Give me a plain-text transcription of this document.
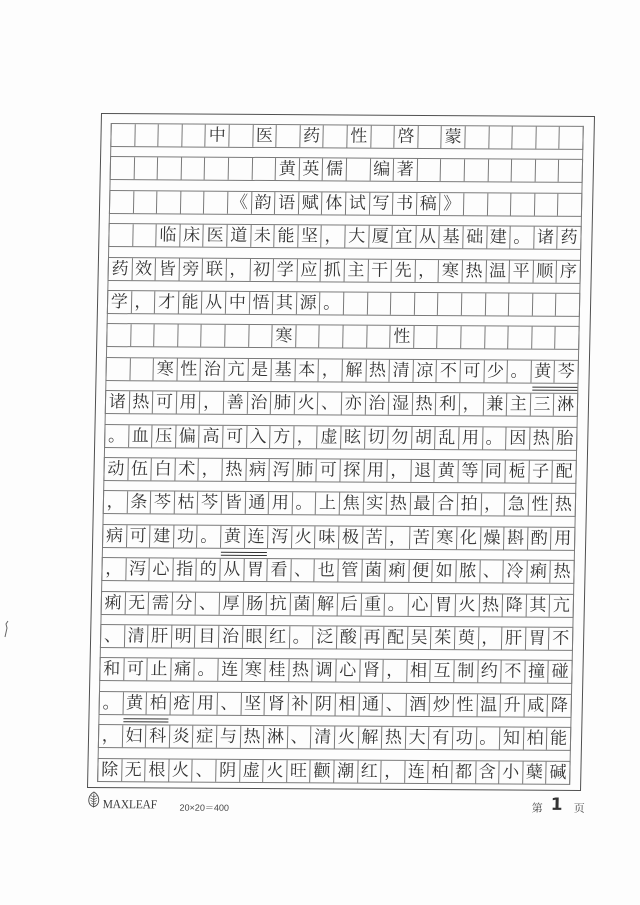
中 医 药 性 啓 蒙
黄 英 儒 编 著
《 韵 语 赋 体 试 写 书 稿 》
临 床 医 道 未 能 坚 ， 大 厦 宜 从 基 础 建 。 诸 药
药 效 皆 旁 联 ， 初 学 应 抓 主 干 先 ， 寒 热 温 平 顺 序
学 ， 才 能 从 中 悟 其 源 。
寒	性
寒 性 治 亢 是 基 本 ， 解 热 清 凉 不 可 少 。 黄 芩
诸 热 可 用 ， 善 治 肺 火 、 亦 治 湿 热 利 ， 兼 主 三 淋
。 血 压 偏 高 可 入 方 ， 虚 眩 切 勿 胡 乱 用 。 因 热 胎
动 伍 白 术 ， 热 病 泻 肺 可 探 用 ， 退 黄 等 同 栀 子 配
， 条 芩 枯 芩 皆 通 用 。 上 焦 实 热 最 合 拍 ， 急 性 热
病 可 建 功 。 黄 连 泻 火 味 极 苦 ， 苦 寒 化 燥 斟 酌 用
， 泻 心 指 的 从 胃 看 、 也 管 菌 痢 便 如 脓 、 冷 痢 热
痢 无 需 分 、 厚 肠 抗 菌 解 后 重 。 心 胃 火 热 降 其 亢
、 清 肝 明 目 治 眼 红 。 泛 酸 再 配 吴 茱 萸 ， 肝 胃 不
和 可 止 痛 。 连 寒 桂 热 调 心 肾 ， 相 互 制 约 不 撞 碰
。 黄 柏 疮 用 、 坚 肾 补 阴 相 通 、 酒 炒 性 温 升 咸 降
， 妇 科 炎 症 与 热 淋 、 清 火 解 热 大 有 功 。 知 柏 能
除 无 根 火 、 阴 虚 火 旺 颧 潮 红 ， 连 柏 都 含 小 蘖 碱
MAXLEAF 20×20＝400	第 1 页
